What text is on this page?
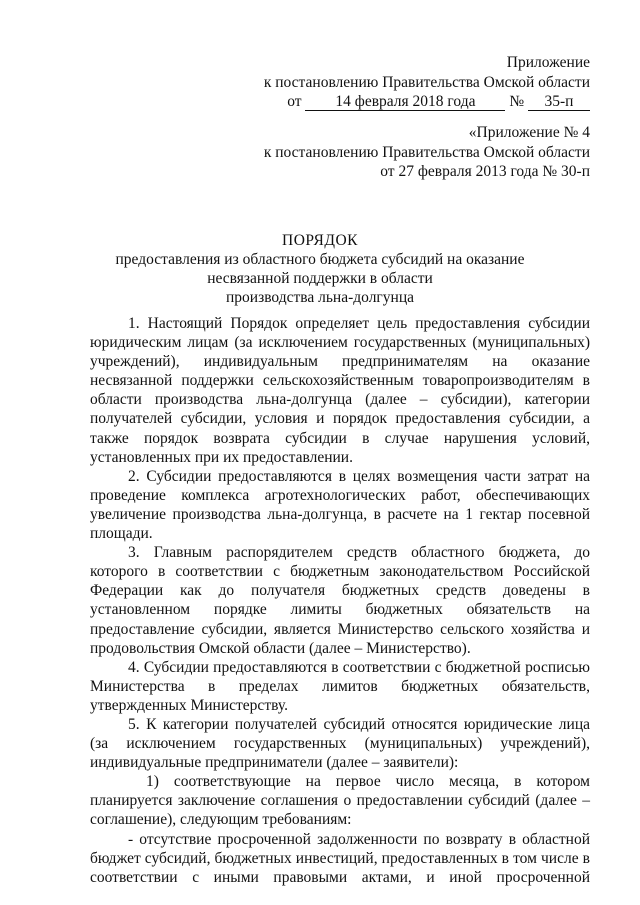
Приложение
к постановлению Правительства Омской области
от 14 февраля 2018 года № 35-п
«Приложение № 4
к постановлению Правительства Омской области
от 27 февраля 2013 года № 30-п
ПОРЯДОК
предоставления из областного бюджета субсидий на оказание
несвязанной поддержки в области
производства льна-долгунца

1. Настоящий Порядок определяет цель предоставления субсидии юридическим лицам (за исключением государственных (муниципальных) учреждений), индивидуальным предпринимателям на оказание несвязанной поддержки сельскохозяйственным товаропроизводителям в области производства льна-долгунца (далее – субсидии), категории получателей субсидии, условия и порядок предоставления субсидии, а также порядок возврата субсидии в случае нарушения условий, установленных при их предоставлении.

2. Субсидии предоставляются в целях возмещения части затрат на проведение комплекса агротехнологических работ, обеспечивающих увеличение производства льна-долгунца, в расчете на 1 гектар посевной площади.

3. Главным распорядителем средств областного бюджета, до которого в соответствии с бюджетным законодательством Российской Федерации как до получателя бюджетных средств доведены в установленном порядке лимиты бюджетных обязательств на предоставление субсидии, является Министерство сельского хозяйства и продовольствия Омской области (далее – Министерство).

4. Субсидии предоставляются в соответствии с бюджетной росписью Министерства в пределах лимитов бюджетных обязательств, утвержденных Министерству.

5. К категории получателей субсидий относятся юридические лица (за исключением государственных (муниципальных) учреждений), индивидуальные предприниматели (далее – заявители):

1) соответствующие на первое число месяца, в котором планируется заключение соглашения о предоставлении субсидий (далее – соглашение), следующим требованиям:

- отсутствие просроченной задолженности по возврату в областной бюджет субсидий, бюджетных инвестиций, предоставленных в том числе в соответствии с иными правовыми актами, и иной просроченной
